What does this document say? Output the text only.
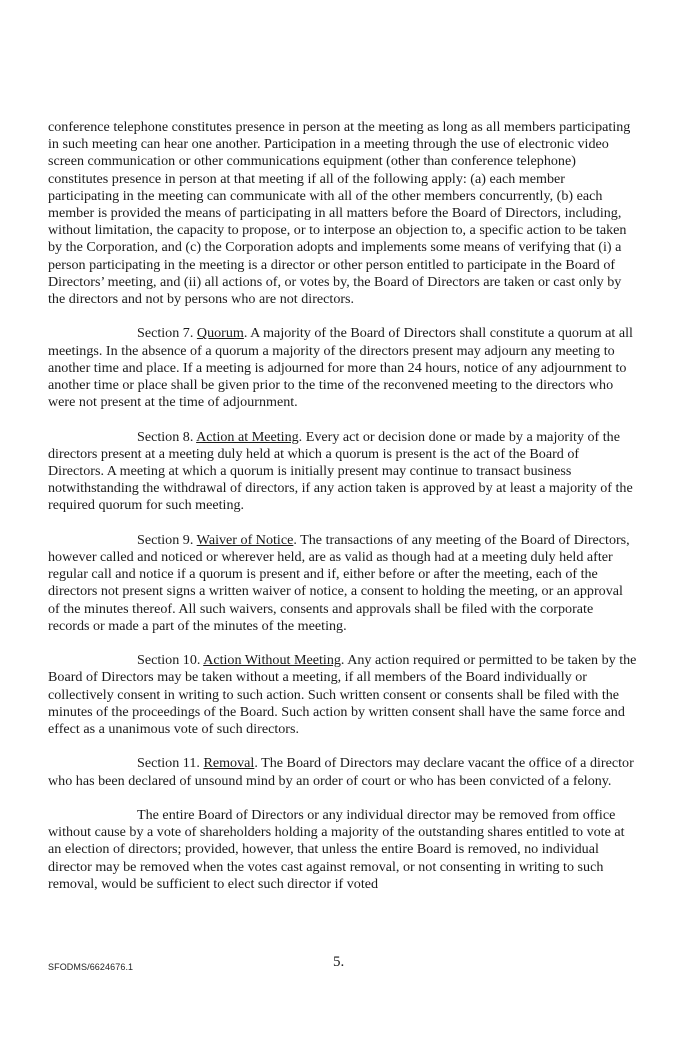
conference telephone constitutes presence in person at the meeting as long as all members participating in such meeting can hear one another. Participation in a meeting through the use of electronic video screen communication or other communications equipment (other than conference telephone) constitutes presence in person at that meeting if all of the following apply: (a) each member participating in the meeting can communicate with all of the other members concurrently, (b) each member is provided the means of participating in all matters before the Board of Directors, including, without limitation, the capacity to propose, or to interpose an objection to, a specific action to be taken by the Corporation, and (c) the Corporation adopts and implements some means of verifying that (i) a person participating in the meeting is a director or other person entitled to participate in the Board of Directors’ meeting, and (ii) all actions of, or votes by, the Board of Directors are taken or cast only by the directors and not by persons who are not directors.

Section 7. Quorum. A majority of the Board of Directors shall constitute a quorum at all meetings. In the absence of a quorum a majority of the directors present may adjourn any meeting to another time and place. If a meeting is adjourned for more than 24 hours, notice of any adjournment to another time or place shall be given prior to the time of the reconvened meeting to the directors who were not present at the time of adjournment.

Section 8. Action at Meeting. Every act or decision done or made by a majority of the directors present at a meeting duly held at which a quorum is present is the act of the Board of Directors. A meeting at which a quorum is initially present may continue to transact business notwithstanding the withdrawal of directors, if any action taken is approved by at least a majority of the required quorum for such meeting.

Section 9. Waiver of Notice. The transactions of any meeting of the Board of Directors, however called and noticed or wherever held, are as valid as though had at a meeting duly held after regular call and notice if a quorum is present and if, either before or after the meeting, each of the directors not present signs a written waiver of notice, a consent to holding the meeting, or an approval of the minutes thereof. All such waivers, consents and approvals shall be filed with the corporate records or made a part of the minutes of the meeting.

Section 10. Action Without Meeting. Any action required or permitted to be taken by the Board of Directors may be taken without a meeting, if all members of the Board individually or collectively consent in writing to such action. Such written consent or consents shall be filed with the minutes of the proceedings of the Board. Such action by written consent shall have the same force and effect as a unanimous vote of such directors.

Section 11. Removal. The Board of Directors may declare vacant the office of a director who has been declared of unsound mind by an order of court or who has been convicted of a felony.

The entire Board of Directors or any individual director may be removed from office without cause by a vote of shareholders holding a majority of the outstanding shares entitled to vote at an election of directors; provided, however, that unless the entire Board is removed, no individual director may be removed when the votes cast against removal, or not consenting in writing to such removal, would be sufficient to elect such director if voted

SFODMS/6624676.1	5.
